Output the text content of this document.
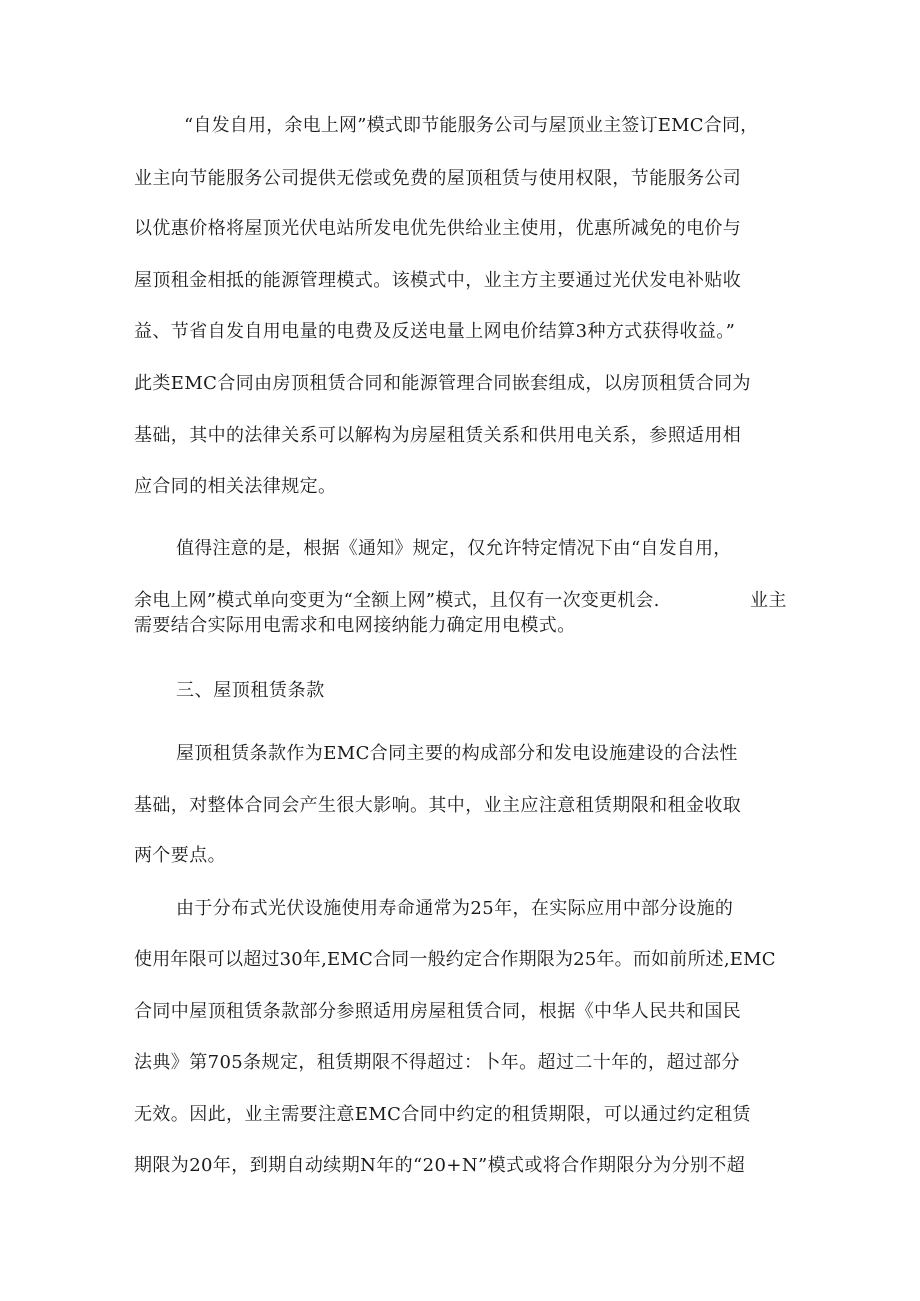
“自发自用，余电上网”模式即节能服务公司与屋顶业主签订EMC合同，
业主向节能服务公司提供无偿或免费的屋顶租赁与使用权限，节能服务公司
以优惠价格将屋顶光伏电站所发电优先供给业主使用，优惠所减免的电价与
屋顶租金相抵的能源管理模式。该模式中，业主方主要通过光伏发电补贴收
益、节省自发自用电量的电费及反送电量上网电价结算3种方式获得收益。”
此类EMC合同由房顶租赁合同和能源管理合同嵌套组成，以房顶租赁合同为
基础，其中的法律关系可以解构为房屋租赁关系和供用电关系，参照适用相
应合同的相关法律规定。
值得注意的是，根据《通知》规定，仅允许特定情况下由“自发自用，
余电上网”模式单向变更为“全额上网”模式，且仅有一次变更机会.	业主
需要结合实际用电需求和电网接纳能力确定用电模式。
三、屋顶租赁条款
屋顶租赁条款作为EMC合同主要的构成部分和发电设施建设的合法性
基础，对整体合同会产生很大影响。其中，业主应注意租赁期限和租金收取
两个要点。
由于分布式光伏设施使用寿命通常为25年，在实际应用中部分设施的
使用年限可以超过30年,EMC合同一般约定合作期限为25年。而如前所述,EMC
合同中屋顶租赁条款部分参照适用房屋租赁合同，根据《中华人民共和国民
法典》第705条规定，租赁期限不得超过：卜年。超过二十年的，超过部分
无效。因此，业主需要注意EMC合同中约定的租赁期限，可以通过约定租赁
期限为20年，到期自动续期N年的“20+N”模式或将合作期限分为分别不超
